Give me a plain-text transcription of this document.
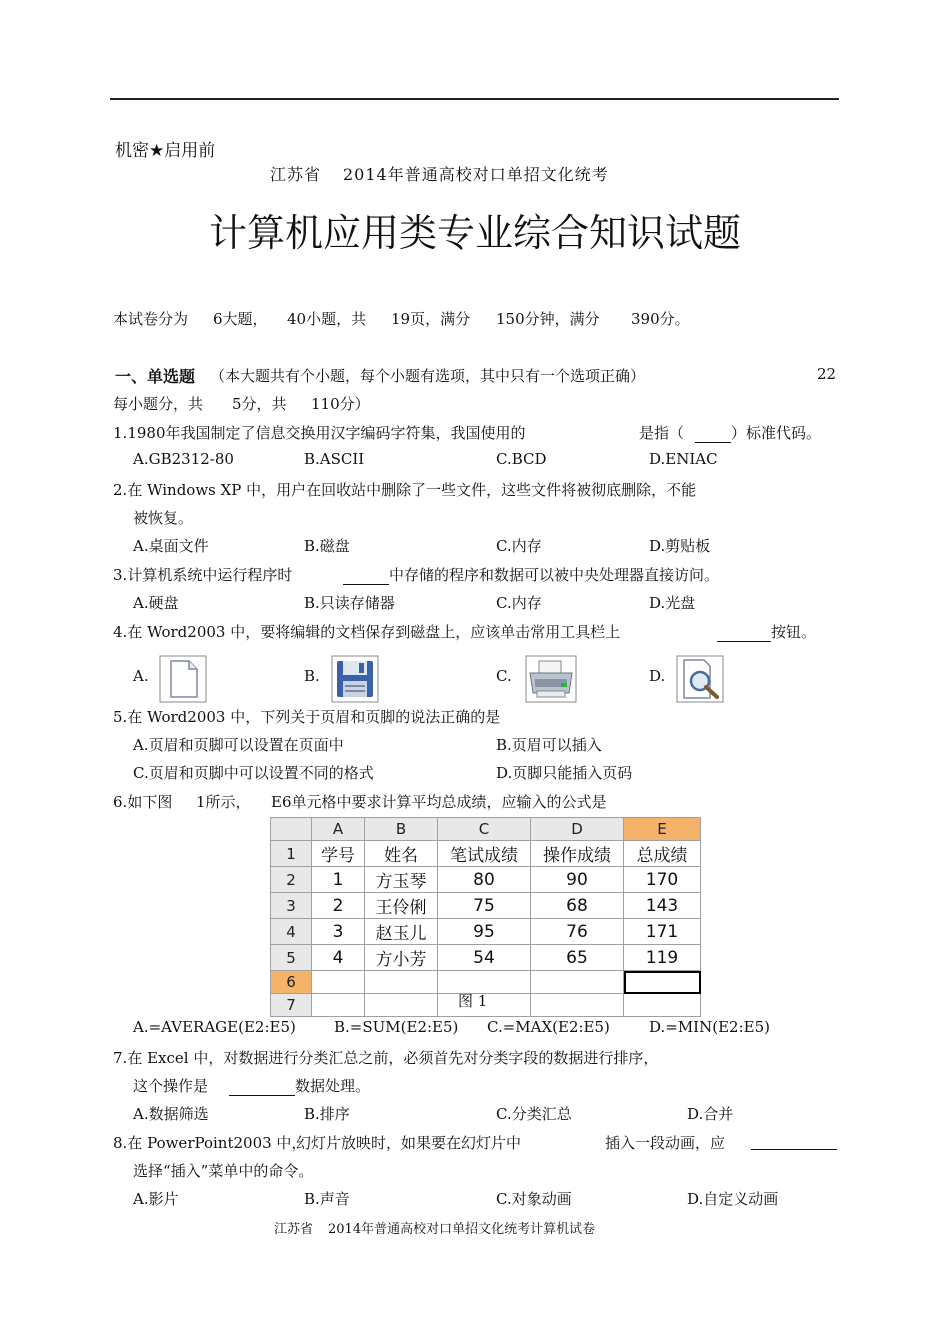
机密★启用前
江苏省 2014年普通高校对口单招文化统考
计算机应用类专业综合知识试题
本试卷分为 6大题， 40小题，共 19页，满分 150分钟，满分 390分。
一、单选题 （本大题共有个小题，每个小题有选项，其中只有一个选项正确）	22
每小题分，共 5分，共 110分）
1.1980年我国制定了信息交换用汉字编码字符集，我国使用的	是指（	）标准代码。
A.GB2312-80	B.ASCII	C.BCD	D.ENIAC
2.在 Windows XP 中，用户在回收站中删除了一些文件，这些文件将被彻底删除，不能
被恢复。
A.桌面文件	B.磁盘	C.内存	D.剪贴板
3.计算机系统中运行程序时	中存储的程序和数据可以被中央处理器直接访问。
A.硬盘	B.只读存储器	C.内存	D.光盘
4.在 Word2003 中，要将编辑的文档保存到磁盘上，应该单击常用工具栏上	按钮。
A.	B.	C.	D.
5.在 Word2003 中，下列关于页眉和页脚的说法正确的是
A.页眉和页脚可以设置在页面中	B.页眉可以插入
C.页眉和页脚中可以设置不同的格式	D.页脚只能插入页码
6.如下图 1所示， E6单元格中要求计算平均总成绩，应输入的公式是
	A	B	C	D	E
1	学号	姓名	笔试成绩	操作成绩	总成绩
2	1	方玉琴	80	90	170
3	2	王伶俐	75	68	143
4	3	赵玉儿	95	76	171
5	4	方小芳	54	65	119
6					
7						图 1
A.=AVERAGE(E2:E5)	B.=SUM(E2:E5) C.=MAX(E2:E5)	D.=MIN(E2:E5)
7.在 Excel 中，对数据进行分类汇总之前，必须首先对分类字段的数据进行排序，
这个操作是	数据处理。
A.数据筛选	B.排序	C.分类汇总	D.合并
8.在 PowerPoint2003 中，
幻灯片放映时，如果要在幻灯片中	插入一段动画，应
选择“插入”菜单中的命令。
A.影片	B.声音	C.对象动画	D.自定义动画
江苏省 2014年普通高校对口单招文化统考计算机试卷
